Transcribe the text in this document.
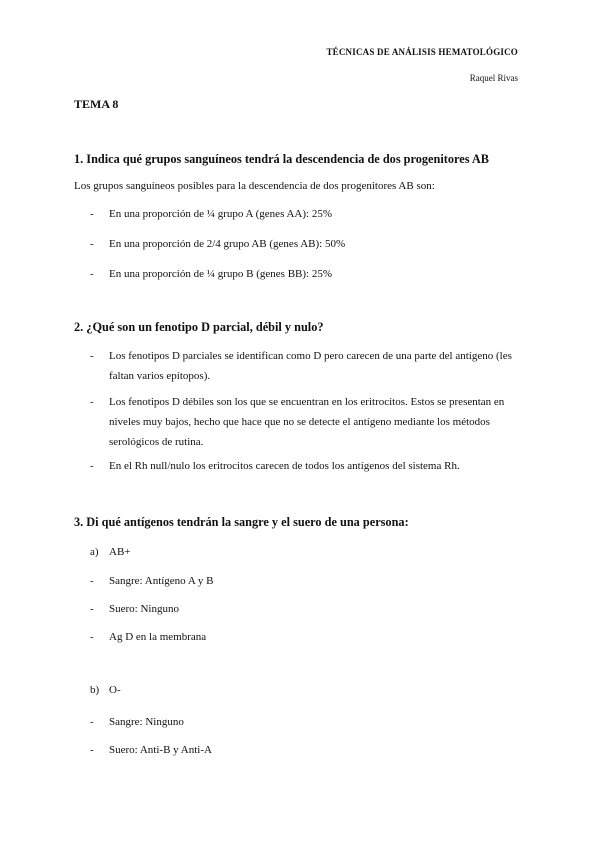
TÉCNICAS DE ANÁLISIS HEMATOLÓGICO
Raquel Rivas
TEMA 8
1. Indica qué grupos sanguíneos tendrá la descendencia de dos progenitores AB
Los grupos sanguíneos posibles para la descendencia de dos progenitores AB son:
- En una proporción de ¼ grupo A (genes AA): 25%
- En una proporción de 2/4 grupo AB (genes AB): 50%
- En una proporción de ¼ grupo B (genes BB): 25%
2. ¿Qué son un fenotipo D parcial, débil y nulo?
- Los fenotipos D parciales se identifican como D pero carecen de una parte del antígeno (les faltan varios epítopos).
- Los fenotipos D débiles son los que se encuentran en los eritrocitos. Estos se presentan en niveles muy bajos, hecho que hace que no se detecte el antígeno mediante los métodos serológicos de rutina.
- En el Rh null/nulo los eritrocitos carecen de todos los antígenos del sistema Rh.
3. Di qué antígenos tendrán la sangre y el suero de una persona:
a) AB+
- Sangre: Antígeno A y B
- Suero: Ninguno
- Ag D en la membrana
b) O-
- Sangre: Ninguno
- Suero: Anti-B y Anti-A
